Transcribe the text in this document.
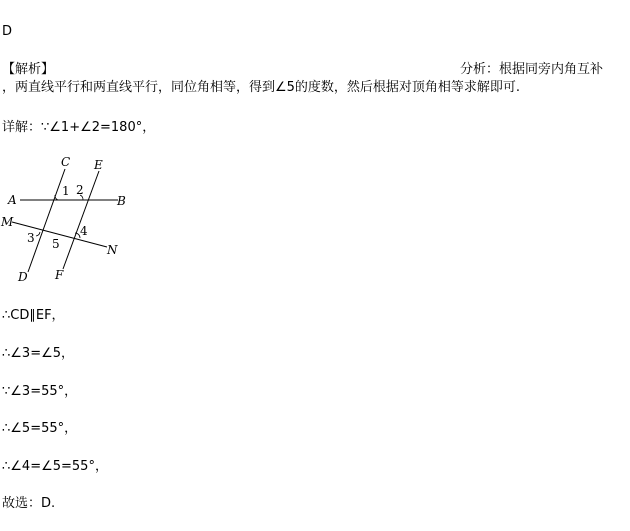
D
【解析】	分析：根据同旁内角互补
，两直线平行和两直线平行，同位角相等，得到∠5的度数，然后根据对顶角相等求解即可.
详解：∵∠1+∠2=180°，
C E
A	B
M
N
D F
1 2
3	4
5
∴CD∥EF，
∴∠3=∠5，
∵∠3=55°，
∴∠5=55°，
∴∠4=∠5=55°，
故选：D.
